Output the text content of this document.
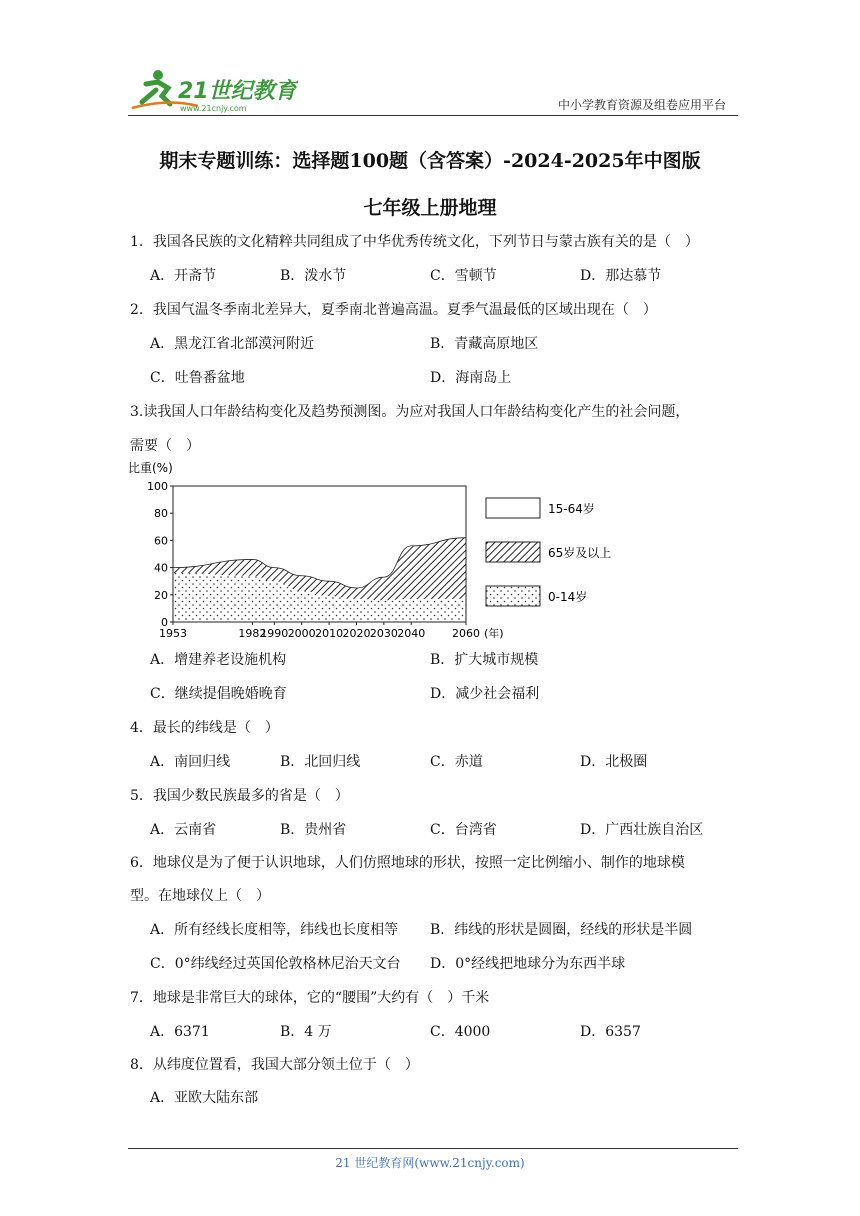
21世纪教育
www.21cnjy.com	中小学教育资源及组卷应用平台
期末专题训练：选择题100题（含答案）-2024-2025年中图版
七年级上册地理
1．我国各民族的文化精粹共同组成了中华优秀传统文化，下列节日与蒙古族有关的是（　）
A．开斋节	B．泼水节	C．雪顿节	D．那达慕节
2．我国气温冬季南北差异大，夏季南北普遍高温。夏季气温最低的区域出现在（　）
A．黑龙江省北部漠河附近	B．青藏高原地区
C．吐鲁番盆地	D．海南岛上
3.读我国人口年龄结构变化及趋势预测图。为应对我国人口年龄结构变化产生的社会问题，
需要（　）
比重(%)
0
20
40
60
80
100
1953	1982
1990 2000 2010 2020 2030 2040 2060 (年)
15-64岁
65岁及以上
0-14岁
A．增建养老设施机构	B．扩大城市规模
C．继续提倡晚婚晚育	D．减少社会福利
4．最长的纬线是（　）
A．南回归线	B．北回归线	C．赤道	D．北极圈
5．我国少数民族最多的省是（　）
A．云南省	B．贵州省	C．台湾省	D．广西壮族自治区
6．地球仪是为了便于认识地球，人们仿照地球的形状，按照一定比例缩小、制作的地球模
型。在地球仪上（　）
A．所有经线长度相等，纬线也长度相等 B．纬线的形状是圆圈，经线的形状是半圆
C．0°纬线经过英国伦敦格林尼治天文台 D．0°经线把地球分为东西半球
7．地球是非常巨大的球体，它的“腰围”大约有（　）千米
A．6371	B．4 万	C．4000	D．6357
8．从纬度位置看，我国大部分领土位于（　）
A．亚欧大陆东部
21 世纪教育网(www.21cnjy.com)
